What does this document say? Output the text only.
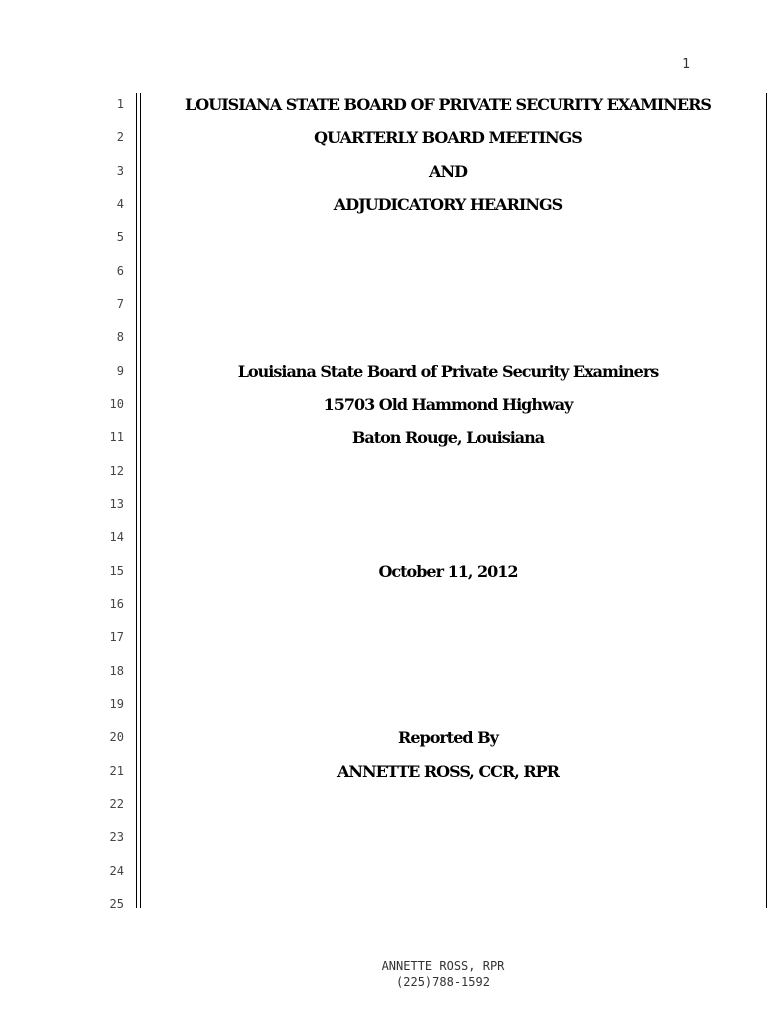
1
1
2
3
4
5
6
7
8
9
10
11
12
13
14
15
16
17
18
19
20
21
22
23
24
25
LOUISIANA STATE BOARD OF PRIVATE SECURITY EXAMINERS
QUARTERLY BOARD MEETINGS
AND
ADJUDICATORY HEARINGS
Louisiana State Board of Private Security Examiners
15703 Old Hammond Highway
Baton Rouge, Louisiana
October 11, 2012
Reported By
ANNETTE ROSS, CCR, RPR
ANNETTE ROSS, RPR
(225)788-1592
